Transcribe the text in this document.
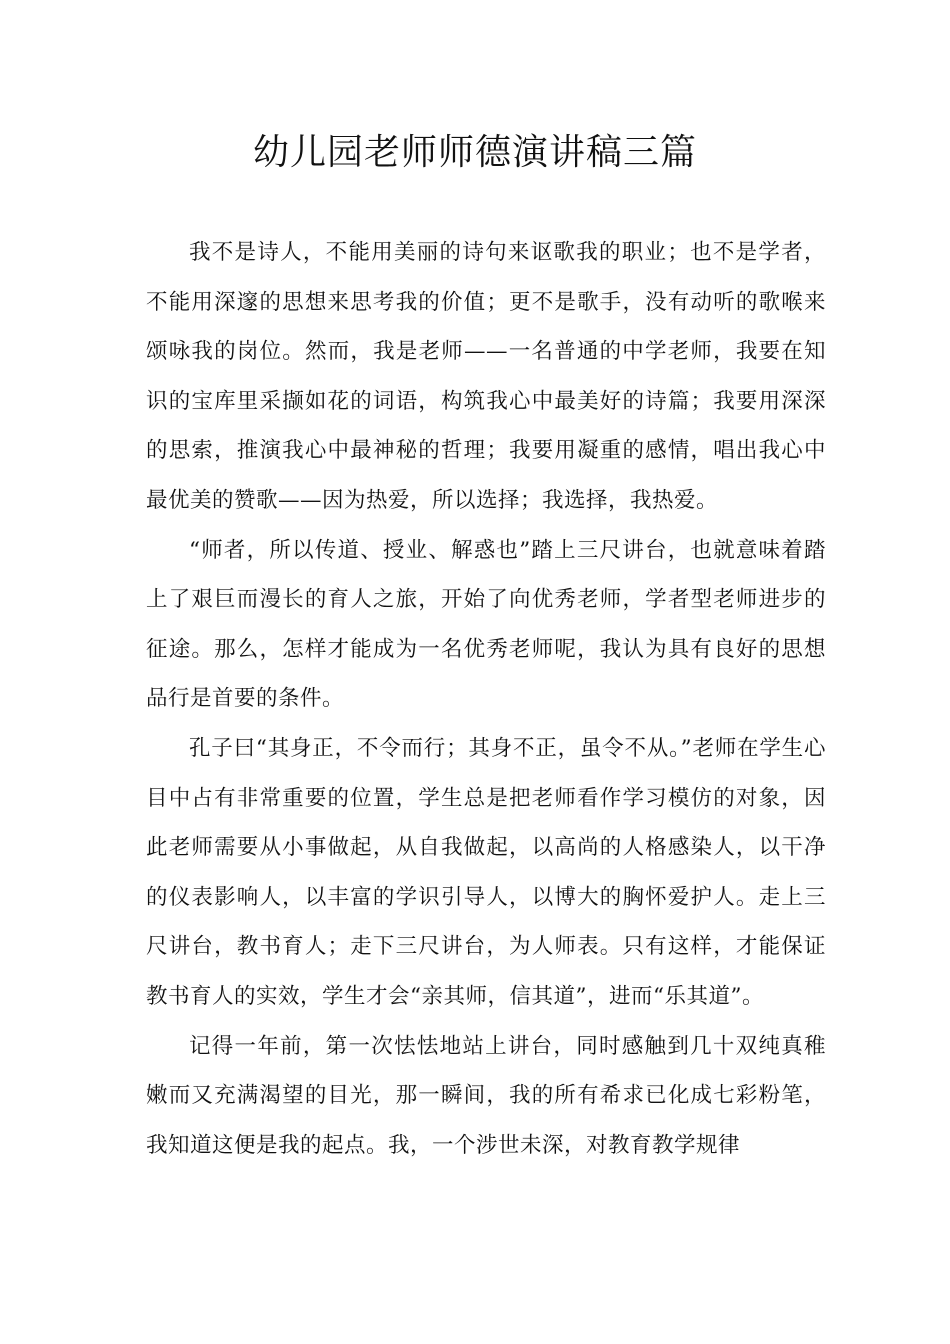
幼儿园老师师德演讲稿三篇

我不是诗人，不能用美丽的诗句来讴歌我的职业；也不是学者，不能用深邃的思想来思考我的价值；更不是歌手，没有动听的歌喉来颂咏我的岗位。然而，我是老师——一名普通的中学老师，我要在知识的宝库里采撷如花的词语，构筑我心中最美好的诗篇；我要用深深的思索，推演我心中最神秘的哲理；我要用凝重的感情，唱出我心中最优美的赞歌——因为热爱，所以选择；我选择，我热爱。

“师者，所以传道、授业、解惑也”踏上三尺讲台，也就意味着踏上了艰巨而漫长的育人之旅，开始了向优秀老师，学者型老师进步的征途。那么，怎样才能成为一名优秀老师呢，我认为具有良好的思想品行是首要的条件。

孔子曰“其身正，不令而行；其身不正，虽令不从。”老师在学生心目中占有非常重要的位置，学生总是把老师看作学习模仿的对象，因此老师需要从小事做起，从自我做起，以高尚的人格感染人，以干净的仪表影响人，以丰富的学识引导人，以博大的胸怀爱护人。走上三尺讲台，教书育人；走下三尺讲台，为人师表。只有这样，才能保证教书育人的实效，学生才会“亲其师，信其道”，进而“乐其道”。

记得一年前，第一次怯怯地站上讲台，同时感触到几十双纯真稚嫩而又充满渴望的目光，那一瞬间，我的所有希求已化成七彩粉笔，我知道这便是我的起点。我，一个涉世未深，对教育教学规律
